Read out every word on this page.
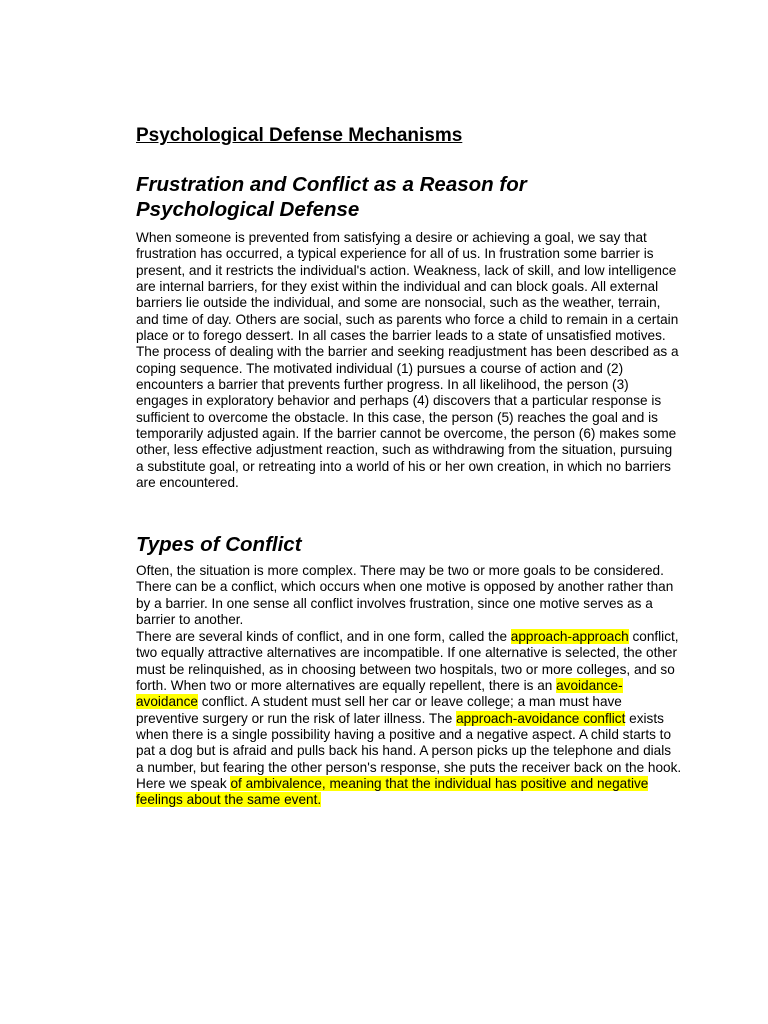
Psychological Defense Mechanisms
Frustration and Conflict as a Reason for
Psychological Defense

When someone is prevented from satisfying a desire or achieving a goal, we say that frustration has occurred, a typical experience for all of us. In frustration some barrier is present, and it restricts the individual's action. Weakness, lack of skill, and low intelligence are internal barriers, for they exist within the individual and can block goals. All external barriers lie outside the individual, and some are nonsocial, such as the weather, terrain, and time of day. Others are social, such as parents who force a child to remain in a certain place or to forego dessert. In all cases the barrier leads to a state of unsatisfied motives. The process of dealing with the barrier and seeking readjustment has been described as a coping sequence. The motivated individual (1) pursues a course of action and (2) encounters a barrier that prevents further progress. In all likelihood, the person (3) engages in exploratory behavior and perhaps (4) discovers that a particular response is sufficient to overcome the obstacle. In this case, the person (5) reaches the goal and is temporarily adjusted again. If the barrier cannot be overcome, the person (6) makes some other, less effective adjustment reaction, such as withdrawing from the situation, pursuing a substitute goal, or retreating into a world of his or her own creation, in which no barriers are encountered.

Types of Conflict

Often, the situation is more complex. There may be two or more goals to be considered. There can be a conflict, which occurs when one motive is opposed by another rather than by a barrier. In one sense all conflict involves frustration, since one motive serves as a barrier to another.

There are several kinds of conflict, and in one form, called the approach-approach conflict, two equally attractive alternatives are incompatible. If one alternative is selected, the other must be relinquished, as in choosing between two hospitals, two or more colleges, and so forth. When two or more alternatives are equally repellent, there is an avoidance-avoidance conflict. A student must sell her car or leave college; a man must have preventive surgery or run the risk of later illness. The approach-avoidance conflict exists when there is a single possibility having a positive and a negative aspect. A child starts to pat a dog but is afraid and pulls back his hand. A person picks up the telephone and dials a number, but fearing the other person's response, she puts the receiver back on the hook. Here we speak of ambivalence, meaning that the individual has positive and negative feelings about the same event.
